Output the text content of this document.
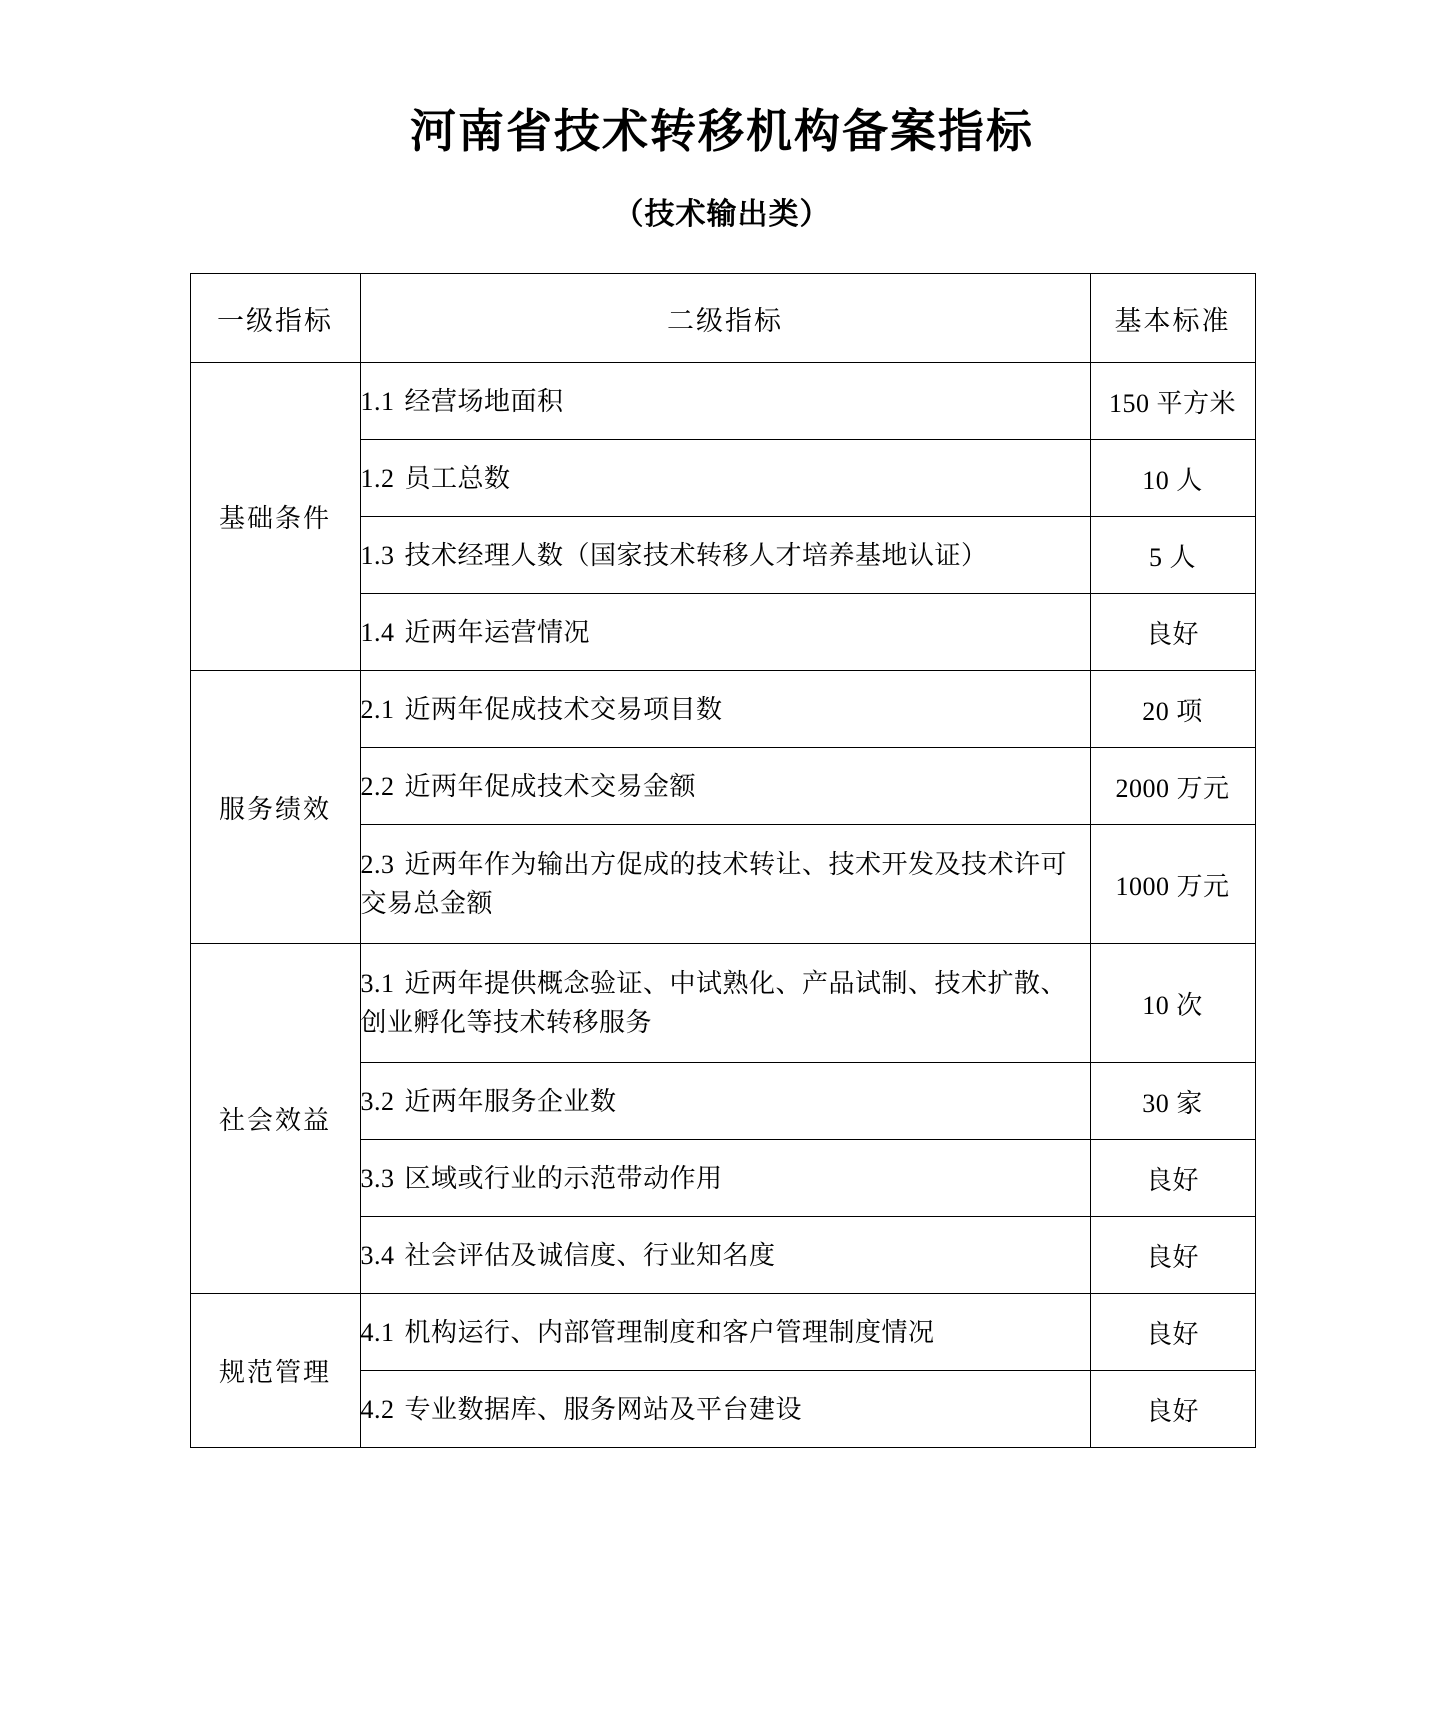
河南省技术转移机构备案指标
（技术输出类）
一级指标	二级指标	基本标准
基础条件	1.1 经营场地面积	150 平方米
	1.2 员工总数	10 人
	1.3 技术经理人数（国家技术转移人才培养基地认证）	5 人
	1.4 近两年运营情况	良好
服务绩效	2.1 近两年促成技术交易项目数	20 项
	2.2 近两年促成技术交易金额	2000 万元
	2.3 近两年作为输出方促成的技术转让、技术开发及技术许可交易总金额	1000 万元
社会效益	3.1 近两年提供概念验证、中试熟化、产品试制、技术扩散、创业孵化等技术转移服务	10 次
	3.2 近两年服务企业数	30 家
	3.3 区域或行业的示范带动作用	良好
	3.4 社会评估及诚信度、行业知名度	良好
规范管理	4.1 机构运行、内部管理制度和客户管理制度情况	良好
	4.2 专业数据库、服务网站及平台建设	良好
